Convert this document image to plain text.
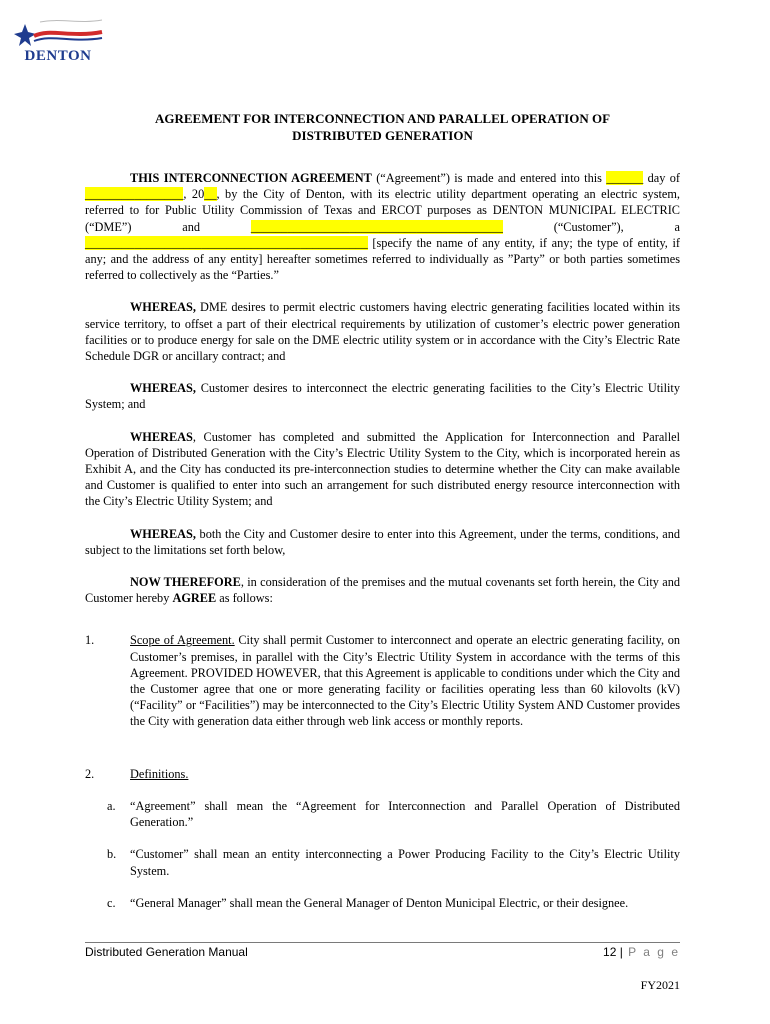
DENTON

AGREEMENT FOR INTERCONNECTION AND PARALLEL OPERATION OF

DISTRIBUTED GENERATION

THIS INTERCONNECTION AGREEMENT (“Agreement”) is made and entered into this ______ day of ________________, 20__, by the City of Denton, with its electric utility department operating an electric system, referred to for Public Utility Commission of Texas and ERCOT purposes as DENTON MUNICIPAL ELECTRIC (“DME”) and _________________________________________ (“Customer”), a ______________________________________________ [specify the name of any entity, if any; the type of entity, if any; and the address of any entity] hereafter sometimes referred to individually as ”Party” or both parties sometimes referred to collectively as the “Parties.”

WHEREAS, DME desires to permit electric customers having electric generating facilities located within its service territory, to offset a part of their electrical requirements by utilization of customer’s electric power generation facilities or to produce energy for sale on the DME electric utility system or in accordance with the City’s Electric Rate Schedule DGR or ancillary contract; and

WHEREAS, Customer desires to interconnect the electric generating facilities to the City’s Electric Utility System; and

WHEREAS, Customer has completed and submitted the Application for Interconnection and Parallel Operation of Distributed Generation with the City’s Electric Utility System to the City, which is incorporated herein as Exhibit A, and the City has conducted its pre-interconnection studies to determine whether the City can make available and Customer is qualified to enter into such an arrangement for such distributed energy resource interconnection with the City’s Electric Utility System; and

WHEREAS, both the City and Customer desire to enter into this Agreement, under the terms, conditions, and subject to the limitations set forth below,

NOW THEREFORE, in consideration of the premises and the mutual covenants set forth herein, the City and Customer hereby AGREE as follows:

1.	Scope of Agreement. City shall permit Customer to interconnect and operate an electric generating facility, on Customer’s premises, in parallel with the City’s Electric Utility System in accordance with the terms of this Agreement. PROVIDED HOWEVER, that this Agreement is applicable to conditions under which the City and the Customer agree that one or more generating facility or facilities operating less than 60 kilovolts (kV) (“Facility” or “Facilities”) may be interconnected to the City’s Electric Utility System AND Customer provides the City with generation data either through web link access or monthly reports.

2.	Definitions.

a.	“Agreement” shall mean the “Agreement for Interconnection and Parallel Operation of Distributed Generation.”
b.	“Customer” shall mean an entity interconnecting a Power Producing Facility to the City’s Electric Utility System.
c.	“General Manager” shall mean the General Manager of Denton Municipal Electric, or their designee.
Distributed Generation Manual	12 | P a g e
FY2021
